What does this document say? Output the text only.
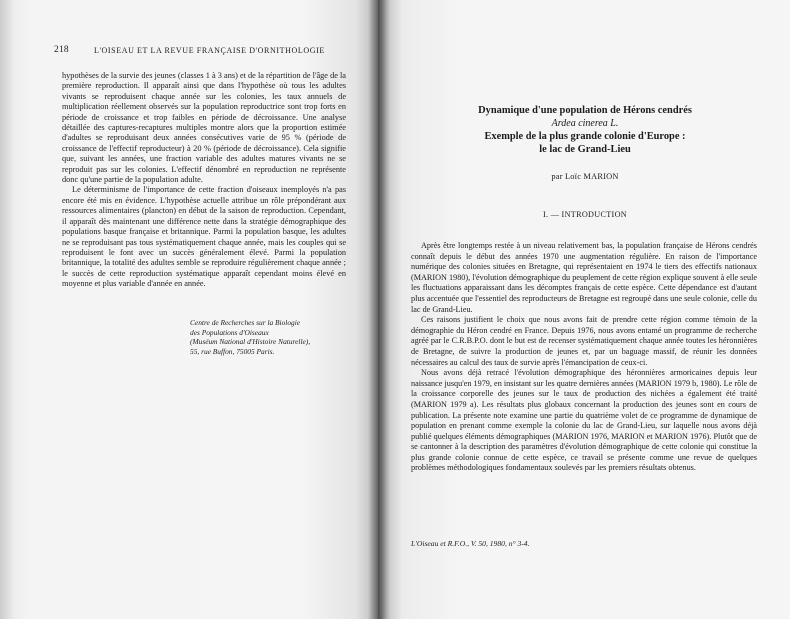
218	L'OISEAU ET LA REVUE FRANÇAISE D'ORNITHOLOGIE

hypothèses de la survie des jeunes (classes 1 à 3 ans) et de la répartition de l'âge de la première reproduction. Il apparaît ainsi que dans l'hypothèse où tous les adultes vivants se reproduisent chaque année sur les colonies, les taux annuels de multiplication réellement observés sur la population reproductrice sont trop forts en période de croissance et trop faibles en période de décroissance. Une analyse détaillée des captures-recaptures multiples montre alors que la proportion estimée d'adultes se reproduisant deux années consécutives varie de 95 % (période de croissance de l'effectif reproducteur) à 20 % (période de décroissance). Cela signifie que, suivant les années, une fraction variable des adultes matures vivants ne se reproduit pas sur les colonies. L'effectif dénombré en reproduction ne représente donc qu'une partie de la population adulte.

Le déterminisme de l'importance de cette fraction d'oiseaux inemployés n'a pas encore été mis en évidence. L'hypothèse actuelle attribue un rôle prépondérant aux ressources alimentaires (plancton) en début de la saison de reproduction. Cependant, il apparaît dès maintenant une différence nette dans la stratégie démographique des populations basque française et britannique. Parmi la population basque, les adultes ne se reproduisant pas tous systématiquement chaque année, mais les couples qui se reproduisent le font avec un succès généralement élevé. Parmi la population britannique, la totalité des adultes semble se reproduire régulièrement chaque année ; le succès de cette reproduction systématique apparaît cependant moins élevé en moyenne et plus variable d'année en année.

Centre de Recherches sur la Biologie
des Populations d'Oiseaux
(Muséum National d'Histoire Naturelle),
55, rue Buffon, 75005 Paris.
Dynamique d'une population de Hérons cendrés
Ardea cinerea L.
Exemple de la plus grande colonie d'Europe :
le lac de Grand-Lieu
par Loïc MARION
I. — INTRODUCTION

Après être longtemps restée à un niveau relativement bas, la population française de Hérons cendrés connaît depuis le début des années 1970 une augmentation régulière. En raison de l'importance numérique des colonies situées en Bretagne, qui représentaient en 1974 le tiers des effectifs nationaux (MARION 1980), l'évolution démographique du peuplement de cette région explique souvent à elle seule les fluctuations apparaissant dans les décomptes français de cette espèce. Cette dépendance est d'autant plus accentuée que l'essentiel des reproducteurs de Bretagne est regroupé dans une seule colonie, celle du lac de Grand-Lieu.

Ces raisons justifient le choix que nous avons fait de prendre cette région comme témoin de la démographie du Héron cendré en France. Depuis 1976, nous avons entamé un programme de recherche agréé par le C.R.B.P.O. dont le but est de recenser systématiquement chaque année toutes les héronnières de Bretagne, de suivre la production de jeunes et, par un baguage massif, de réunir les données nécessaires au calcul des taux de survie après l'émancipation de ceux-ci.

Nous avons déjà retracé l'évolution démographique des héronnières armoricaines depuis leur naissance jusqu'en 1979, en insistant sur les quatre dernières années (MARION 1979 b, 1980). Le rôle de la croissance corporelle des jeunes sur le taux de production des nichées a également été traité (MARION 1979 a). Les résultats plus globaux concernant la production des jeunes sont en cours de publication. La présente note examine une partie du quatrième volet de ce programme de dynamique de population en prenant comme exemple la colonie du lac de Grand-Lieu, sur laquelle nous avons déjà publié quelques éléments démographiques (MARION 1976, MARION et MARION 1976). Plutôt que de se cantonner à la description des paramètres d'évolution démographique de cette colonie qui constitue la plus grande colonie connue de cette espèce, ce travail se présente comme une revue de quelques problèmes méthodologiques fondamentaux soulevés par les premiers résultats obtenus.

L'Oiseau et R.F.O., V. 50, 1980, n° 3-4.
